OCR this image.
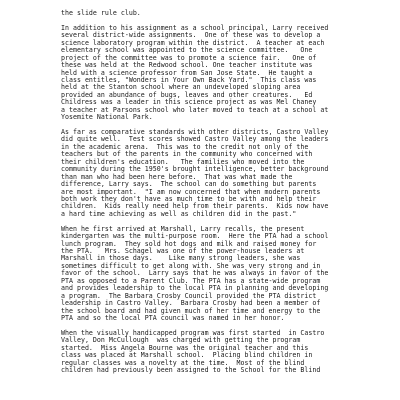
the slide rule club.
In addition to his assignment as a school principal, Larry received
several district-wide assignments.  One of these was to develop a
science laboratory program within the district.  A teacher at each
elementary school was appointed to the science committee.   One
project of the committee was to promote a science fair.   One of
these was held at the Redwood school. One teacher institute was
held with a science professor from San Jose State.  He taught a
class entitles, "Wonders in Your Own Back Yard."  This class was
held at the Stanton school where an undeveloped sloping area
provided an abundance of bugs, leaves and other creatures.   Ed
Childress was a leader in this science project as was Mel Chaney
a teacher at Parsons school who later moved to teach at a school at
Yosemite National Park.
As far as comparative standards with other districts, Castro Valley
did quite well.  Test scores showed Castro Valley among the leaders
in the academic arena.  This was to the credit not only of the
teachers but of the parents in the community who concerned with
their children's education.   The families who moved into the
community during the 1950's brought intelligence, better background
than man who had been here before.  That was what made the
difference, Larry says.  The school can do something but parents
are most important.  "I am now concerned that when modern parents
both work they don't have as much time to be with and help their
children.  Kids really need help from their parents.  Kids now have
a hard time achieving as well as children did in the past."
When he first arrived at Marshall, Larry recalls, the present
kindergarten was the multi-purpose room.  Here the PTA had a school
lunch program.  They sold hot dogs and milk and raised money for
the PTA.   Mrs. Schagel was one of the power-house leaders at
Marshall in those days.    Like many strong leaders, she was
sometimes difficult to get along with. She was very strong and in
favor of the school.  Larry says that he was always in favor of the
PTA as opposed to a Parent Club. The PTA has a state-wide program
and provides leadership to the local PTA in planning and developing
a program.  The Barbara Crosby Council provided the PTA district
leadership in Castro Valley.  Barbara Crosby had been a member of
the school board and had given much of her time and energy to the
PTA and so the local PTA council was named in her honor.
When the visually handicapped program was first started  in Castro
Valley, Don McCullough  was charged with getting the program
started.  Miss Angela Bourne was the original teacher and this
class was placed at Marshall school.  Placing blind children in
regular classes was a novelty at the time.  Most of the blind
children had previously been assigned to the School for the Blind
